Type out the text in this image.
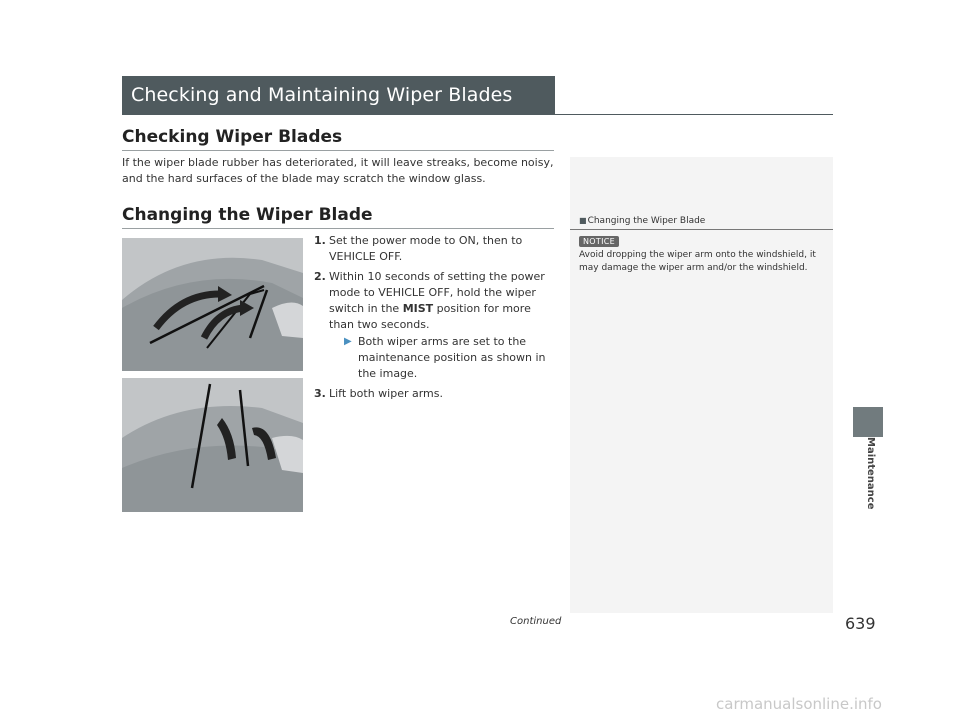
Checking and Maintaining Wiper Blades
Checking Wiper Blades
If the wiper blade rubber has deteriorated, it will leave streaks, become noisy, and the hard surfaces of the blade may scratch the window glass.
Changing the Wiper Blade
1. Set the power mode to ON, then to VEHICLE OFF.
2. Within 10 seconds of setting the power mode to VEHICLE OFF, hold the wiper switch in the MIST position for more than two seconds.
▶ Both wiper arms are set to the maintenance position as shown in the image.
3. Lift both wiper arms.
■Changing the Wiper Blade
NOTICE
Avoid dropping the wiper arm onto the windshield, it may damage the wiper arm and/or the windshield.
Maintenance
Continued	639
carmanualsonline.info
